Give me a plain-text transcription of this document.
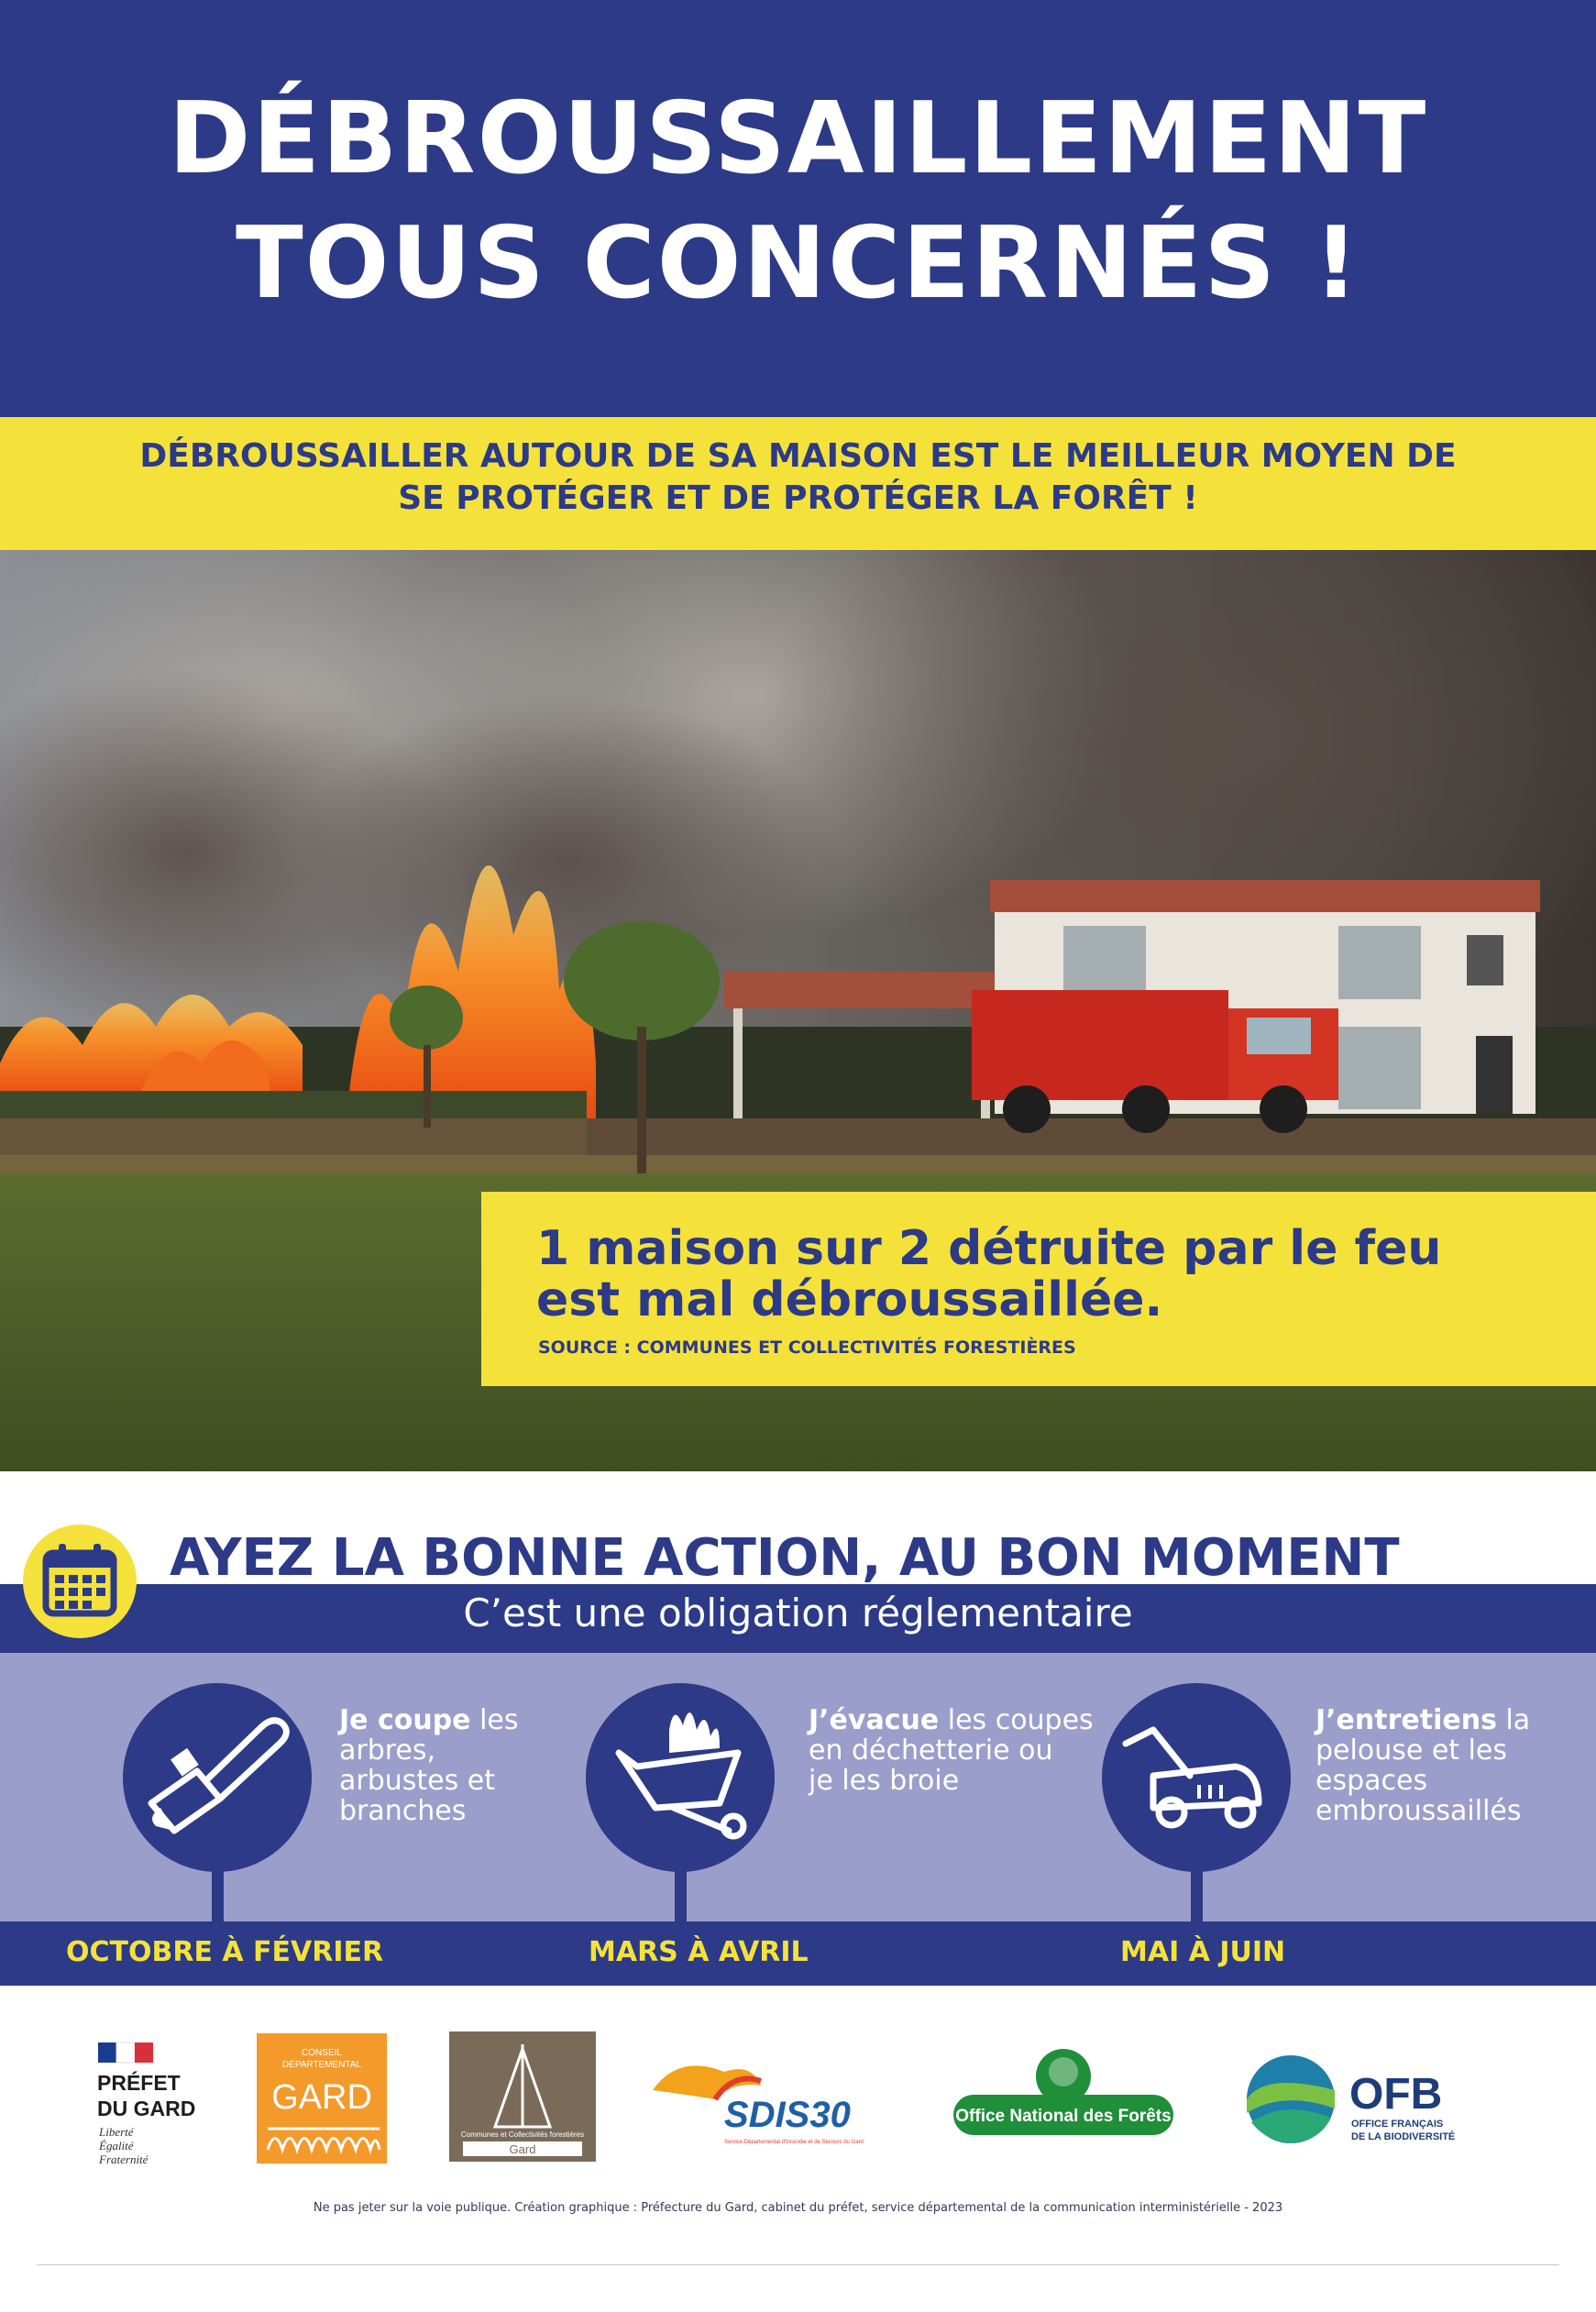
DÉBROUSSAILLEMENT
TOUS CONCERNÉS !

DÉBROUSSAILLER AUTOUR DE SA MAISON EST LE MEILLEUR MOYEN DE

SE PROTÉGER ET DE PROTÉGER LA FORÊT !

1 maison sur 2 détruite par le feu
est mal débroussaillée.
SOURCE : COMMUNES ET COLLECTIVITÉS FORESTIÈRES
AYEZ LA BONNE ACTION, AU BON MOMENT
C’est une obligation réglementaire
Je coupe les
arbres,
arbustes et
branches
OCTOBRE À FÉVRIER
J’évacue les coupes
en déchetterie ou
je les broie
MARS À AVRIL
J’entretiens la
pelouse et les
espaces
embroussaillés
MAI À JUIN
PRÉFET
DU GARD
Liberté
Égalité
Fraternité
CONSEIL
DÉPARTEMENTAL
GARD
Communes et Collectivités forestières
Gard
SDIS30
Service Départemental d'Incendie et de Secours du Gard
Office National des Forêts	OFB
OFFICE FRANÇAIS
DE LA BIODIVERSITÉ
Ne pas jeter sur la voie publique. Création graphique : Préfecture du Gard, cabinet du préfet, service départemental de la communication interministérielle - 2023
